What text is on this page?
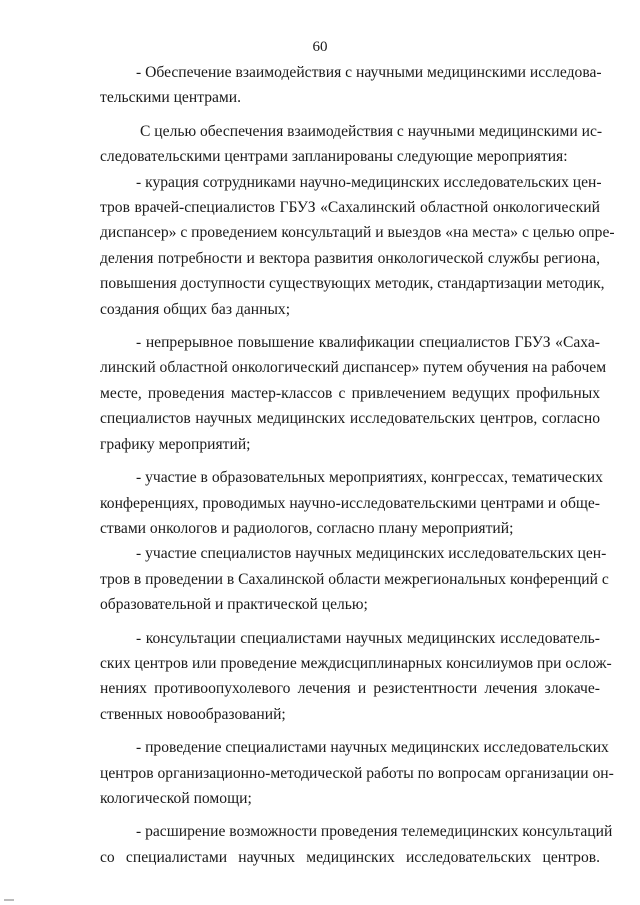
60
- Обеспечение взаимодействия с научными медицинскими исследова-
тельскими центрами.
С целью обеспечения взаимодействия с научными медицинскими ис-
следовательскими центрами запланированы следующие мероприятия:
- курация сотрудниками научно-медицинских исследовательских цен-
тров врачей-специалистов ГБУЗ «Сахалинский областной онкологический
диспансер» с проведением консультаций и выездов «на места» с целью опре-
деления потребности и вектора развития онкологической службы региона,
повышения доступности существующих методик, стандартизации методик,
создания общих баз данных;
- непрерывное повышение квалификации специалистов ГБУЗ «Саха-
линский областной онкологический диспансер» путем обучения на рабочем
месте, проведения мастер-классов с привлечением ведущих профильных
специалистов научных медицинских исследовательских центров, согласно
графику мероприятий;
- участие в образовательных мероприятиях, конгрессах, тематических
конференциях, проводимых научно-исследовательскими центрами и обще-
ствами онкологов и радиологов, согласно плану мероприятий;
- участие специалистов научных медицинских исследовательских цен-
тров в проведении в Сахалинской области межрегиональных конференций с
образовательной и практической целью;
- консультации специалистами научных медицинских исследователь-
ских центров или проведение междисциплинарных консилиумов при ослож-
нениях противоопухолевого лечения и резистентности лечения злокаче-
ственных новообразований;
- проведение специалистами научных медицинских исследовательских
центров организационно-методической работы по вопросам организации он-
кологической помощи;
- расширение возможности проведения телемедицинских консультаций
со специалистами научных медицинских исследовательских центров.
